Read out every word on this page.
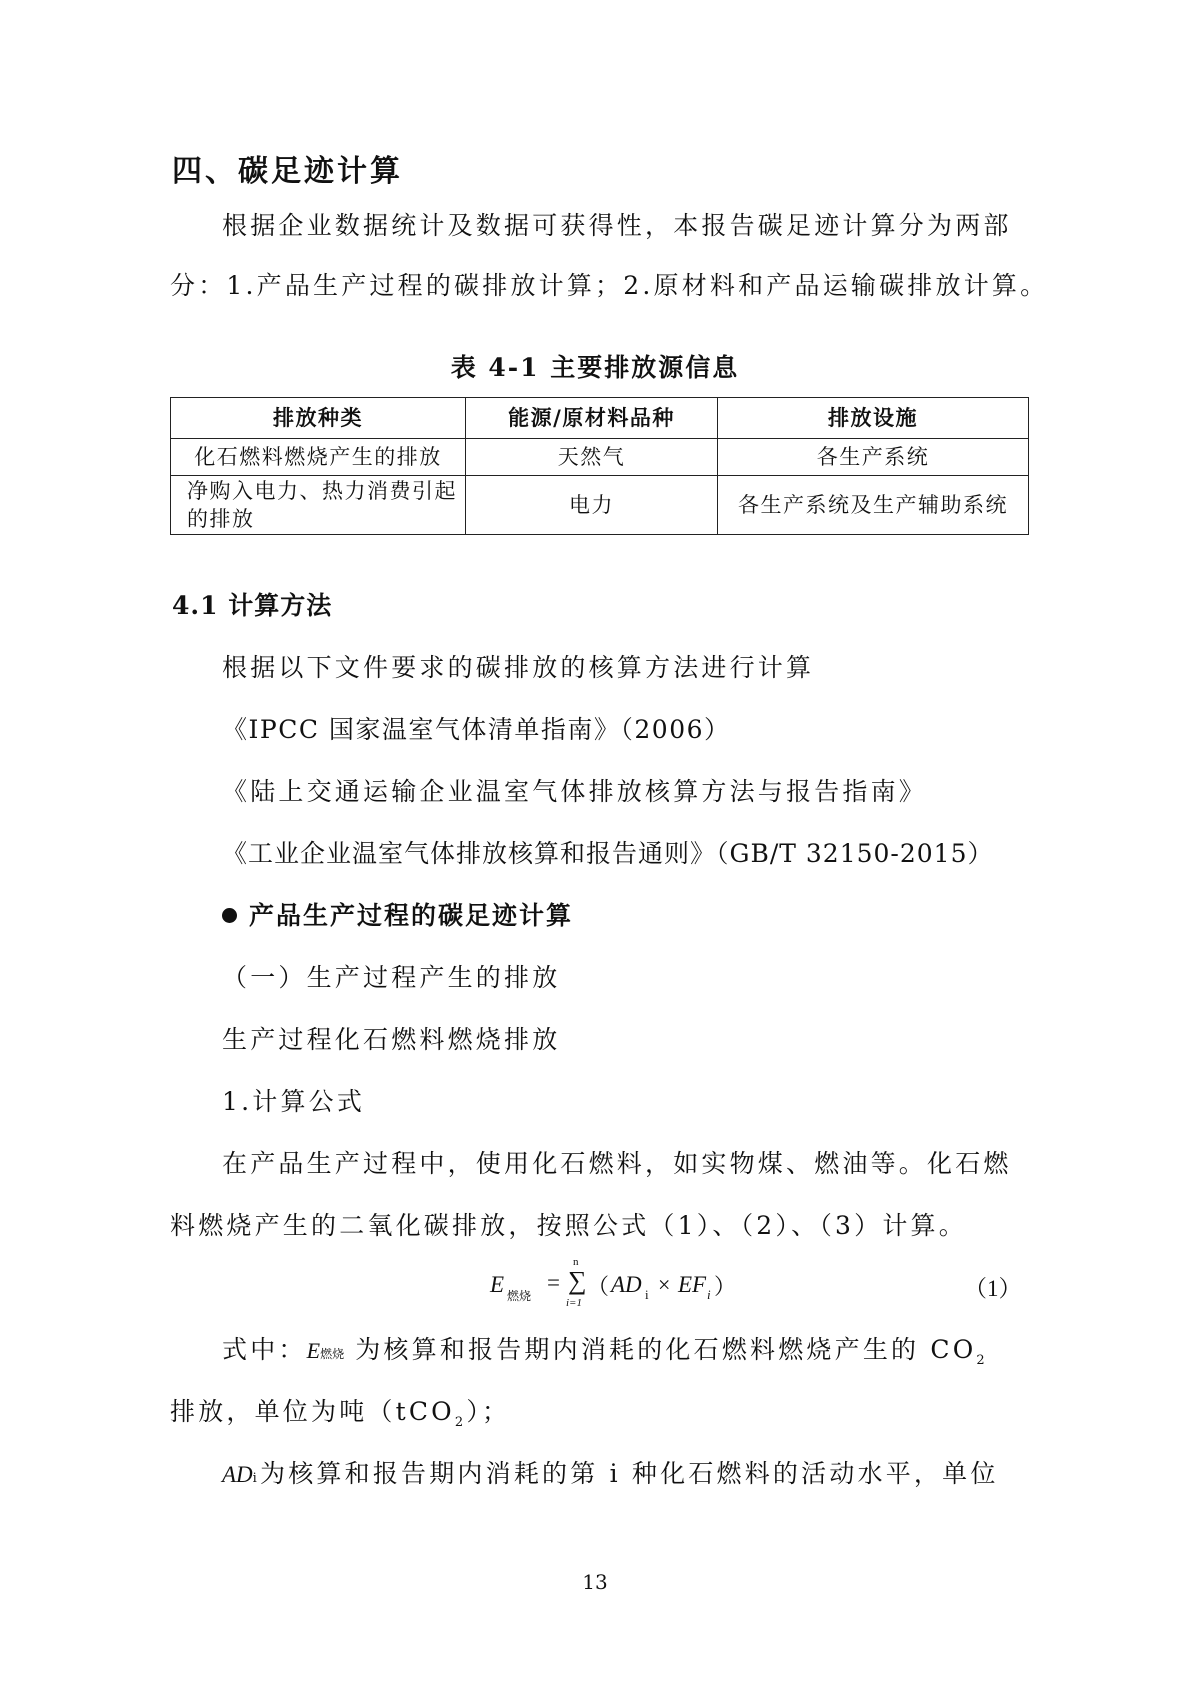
四、碳足迹计算
根据企业数据统计及数据可获得性，本报告碳足迹计算分为两部
分：1.产品生产过程的碳排放计算；2.原材料和产品运输碳排放计算。
表 4-1 主要排放源信息
排放种类	能源/原材料品种	排放设施
化石燃料燃烧产生的排放	天然气	各生产系统
净购入电力、热力消费引起的排放	电力	各生产系统及生产辅助系统
4.1 计算方法
根据以下文件要求的碳排放的核算方法进行计算
《IPCC 国家温室气体清单指南》（2006）
《陆上交通运输企业温室气体排放核算方法与报告指南》
《工业企业温室气体排放核算和报告通则》（GB/T 32150-2015）
产品生产过程的碳足迹计算
（一）生产过程产生的排放
生产过程化石燃料燃烧排放
1.计算公式
在产品生产过程中，使用化石燃料，如实物煤、燃油等。化石燃
料燃烧产生的二氧化碳排放，按照公式（1）、（2）、（3）计算。
E 燃烧
=
n
∑
i=1
（ AD i × EF i ）	（1）
式中：E燃烧 为核算和报告期内消耗的化石燃料燃烧产生的 $CO_2$
排放，单位为吨（tCO$_2$）；
ADi为核算和报告期内消耗的第 i 种化石燃料的活动水平，单位
13
